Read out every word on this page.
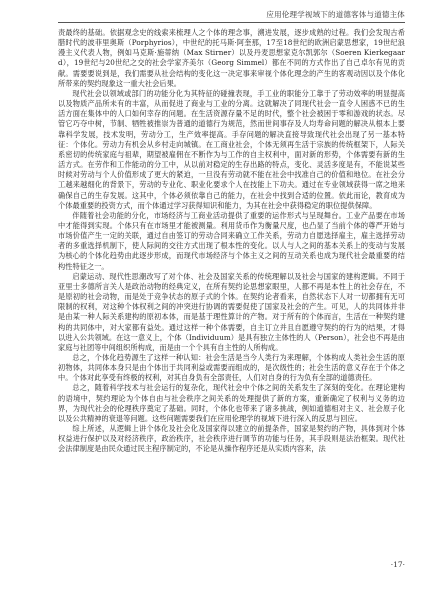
应用伦理学视域下的道德客体与道德主体

责最终的基础。依据观念史的线索来梳理人之个体的理念事，溯进发展，逐步成熟的过程。我们会发现古希腊时代的波菲里奥斯（Porphyrios），中世纪的托马斯·阿奎那，17至18世纪的欧洲启蒙思想家，19世纪浪漫主义代表人物，例如马克斯·施蒂纳（Max Stirner）以及丹麦思想家克尔凯郭尔（Soeren Kierkegaard），19世纪与20世纪之交的社会学家齐美尔（Georg Simmel）都在不同的方式作出了自己卓尔有见的贡献。需要要说到是，我们需要从社会结构的变化这一决定事来审视个体化理念的产生的客观动因以及个体化所带来的契约现象这一重大社会后果。

现代社会以领域或部门的功能分化为其特征的碰撞表现，手工业的职能分工靠于了劳动效率的明显提高以及物质产品所未有的丰富，从而促进了商业与工业的分离。这就解决了同现代社会一直令人困惑不已的生活方面在集体中的人口如何幸存的问题。在生活资源存量不足的时代，整个社会被困于零和游戏的状态。尽管它巧夺中树，节制、牺牲被推崇为普通的道德行为规范，然而世间事存及人均寿命问题的解决从根本上要靠科学发展，技术发明，劳动分工，生产效率提高。手存问题的解决直接导致现代社会出现了另一基本特征：个体化。劳动力有机会从乡村走向城镇。在工商业社会，个体无须再生活于宗族的传统框架下，人际关系密切的传统家庭与祖辈，期望被雇佣在不断作为与工作的自主权利中，面对新的形势，个体需要有新的生活方式。在劳作和工作能动的分工中，从以前对稳定的生存出路的特点，变化、灵活多度是有，不能说某些时候对劳动与个人价值形成了更大的紧迫，一旦没有劳动就不能在社会中找准自己的价值和地位。在社会分工越来越细化的背景下，劳动的专业化、职业化要求个人在技能上下功夫。通过在专业领域获得一席之地来确保自己的生存发展。这其中，个体必须依靠自己的能力，在社会中找到合适的位置。依此而论，教育成为个体最重要的投资方式，而个体通过学习获得知识和能力，为其在社会中获得稳定的职位提供保障。

伴随着社会功能的分化，市场经济与工商业活动提供了重要的运作形式与呈现舞台。工业产品要在市场中才能得到实现。个体只有在市场里才能被测量。利用货币作为衡量尺度，也凸显了当前个体的尊严开始与市场价值产生一定的关联，通过自由签订的劳动合同来确立工作关系，劳动力自愿选择雇主，雇主选择劳动者的多重选择机制下，使人际间的交往方式出现了根本性的变化。以人与人之间的基本关系上的变动与发展为核心的个体化趋势由此逐步形成，而现代市场经济与个体主义之间的互动关系也成为现代社会最重要的结构性特征之一。

启蒙运动、现代性思潮改写了对个体、社会及国家关系的传统理解以及社会与国家的建构逻辑。不同于亚里士多德所言关人是政治动物的经典定义，在所有契约论思想家眼里，人都不再是本性上的社会存在，不是原初的社会动物，而是处于竞争状态的原子式的个体。在契约论者看来，自然状态下人对一切都拥有无可限制的权利，对这种个体权利之间的冲突进行协调的需要促使了国家及社会的产生。可见，人的共同体并非是由某一种人际关系建构的原初本体，而是基于理性算计的产物。对于所有的个体而言，生活在一种契约建构的共同体中，对大家都有益处。通过这样一种个体需要，自主订立并且自愿遵守契约的行为的结果，才得以进入公共领域。在这一意义上，个体（Individuum）是具有独立主体性的人（Person），社会也不再是由家庭与社团等中间组织所构成，而是由一个个具有自主性的人所构成。

总之，个体化趋势源生了这样一种认知：社会生活是当今人类行为来理解，个体构成人类社会生活的原初物体，共同体本身只是由个体出于共同利益或需要而组成的，是次级性的；社会生活的意义存在于个体之中。个体对此享受有终极的权利，对其自身负有全部责任，人们对自身的行为负有全部的道德责任。

总之，随着科学技术与社会运行的复杂化，现代社会中个体之间的关系发生了深刻的变化。在理论建构的语境中，契约理论为个体自由与社会秩序之间关系的处理提供了新的方案，重新确定了权利与义务的边界，为现代社会的伦理秩序奠定了基础。同时，个体化也带来了诸多挑战，例如道德相对主义、社会原子化以及公共精神的衰退等问题。这些问题需要我们在应用伦理学的视域下进行深入的反思与回应。

综上所述，从逻辑上讲个体化及社会化及国家得以建立的前提条件，国家是契约的产物，具体到对个体权益进行保护以及对经济秩序，政治秩序，社会秩序进行调节的功能与任务，其手段则是法治框架。现代社会法律制度是由民众通过民主程序制定的，不论是从操作程序还是从实质内容来，法

·17·
